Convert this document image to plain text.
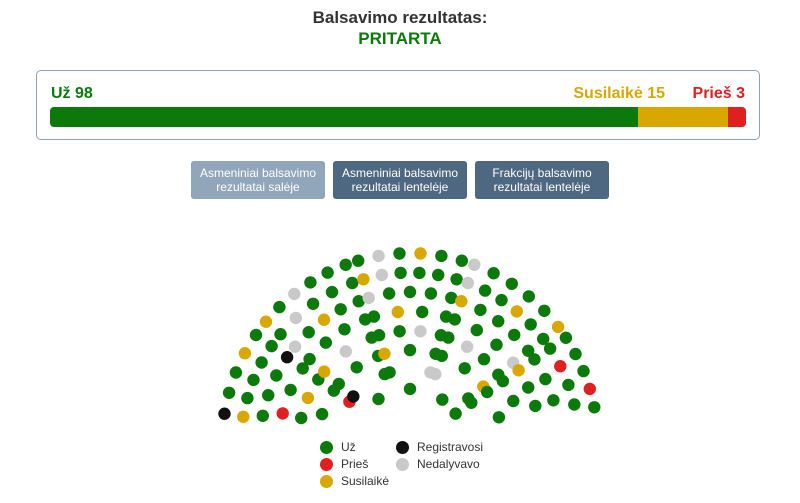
Balsavimo rezultatas:
PRITARTA
Už 98	Susilaikė 15 Prieš 3
Asmeniniai balsavimo rezultatai salėje
Asmeniniai balsavimo rezultatai lentelėje
Frakcijų balsavimo rezultatai lentelėje
Už
Prieš
Susilaikė
Registravosi
Nedalyvavo
